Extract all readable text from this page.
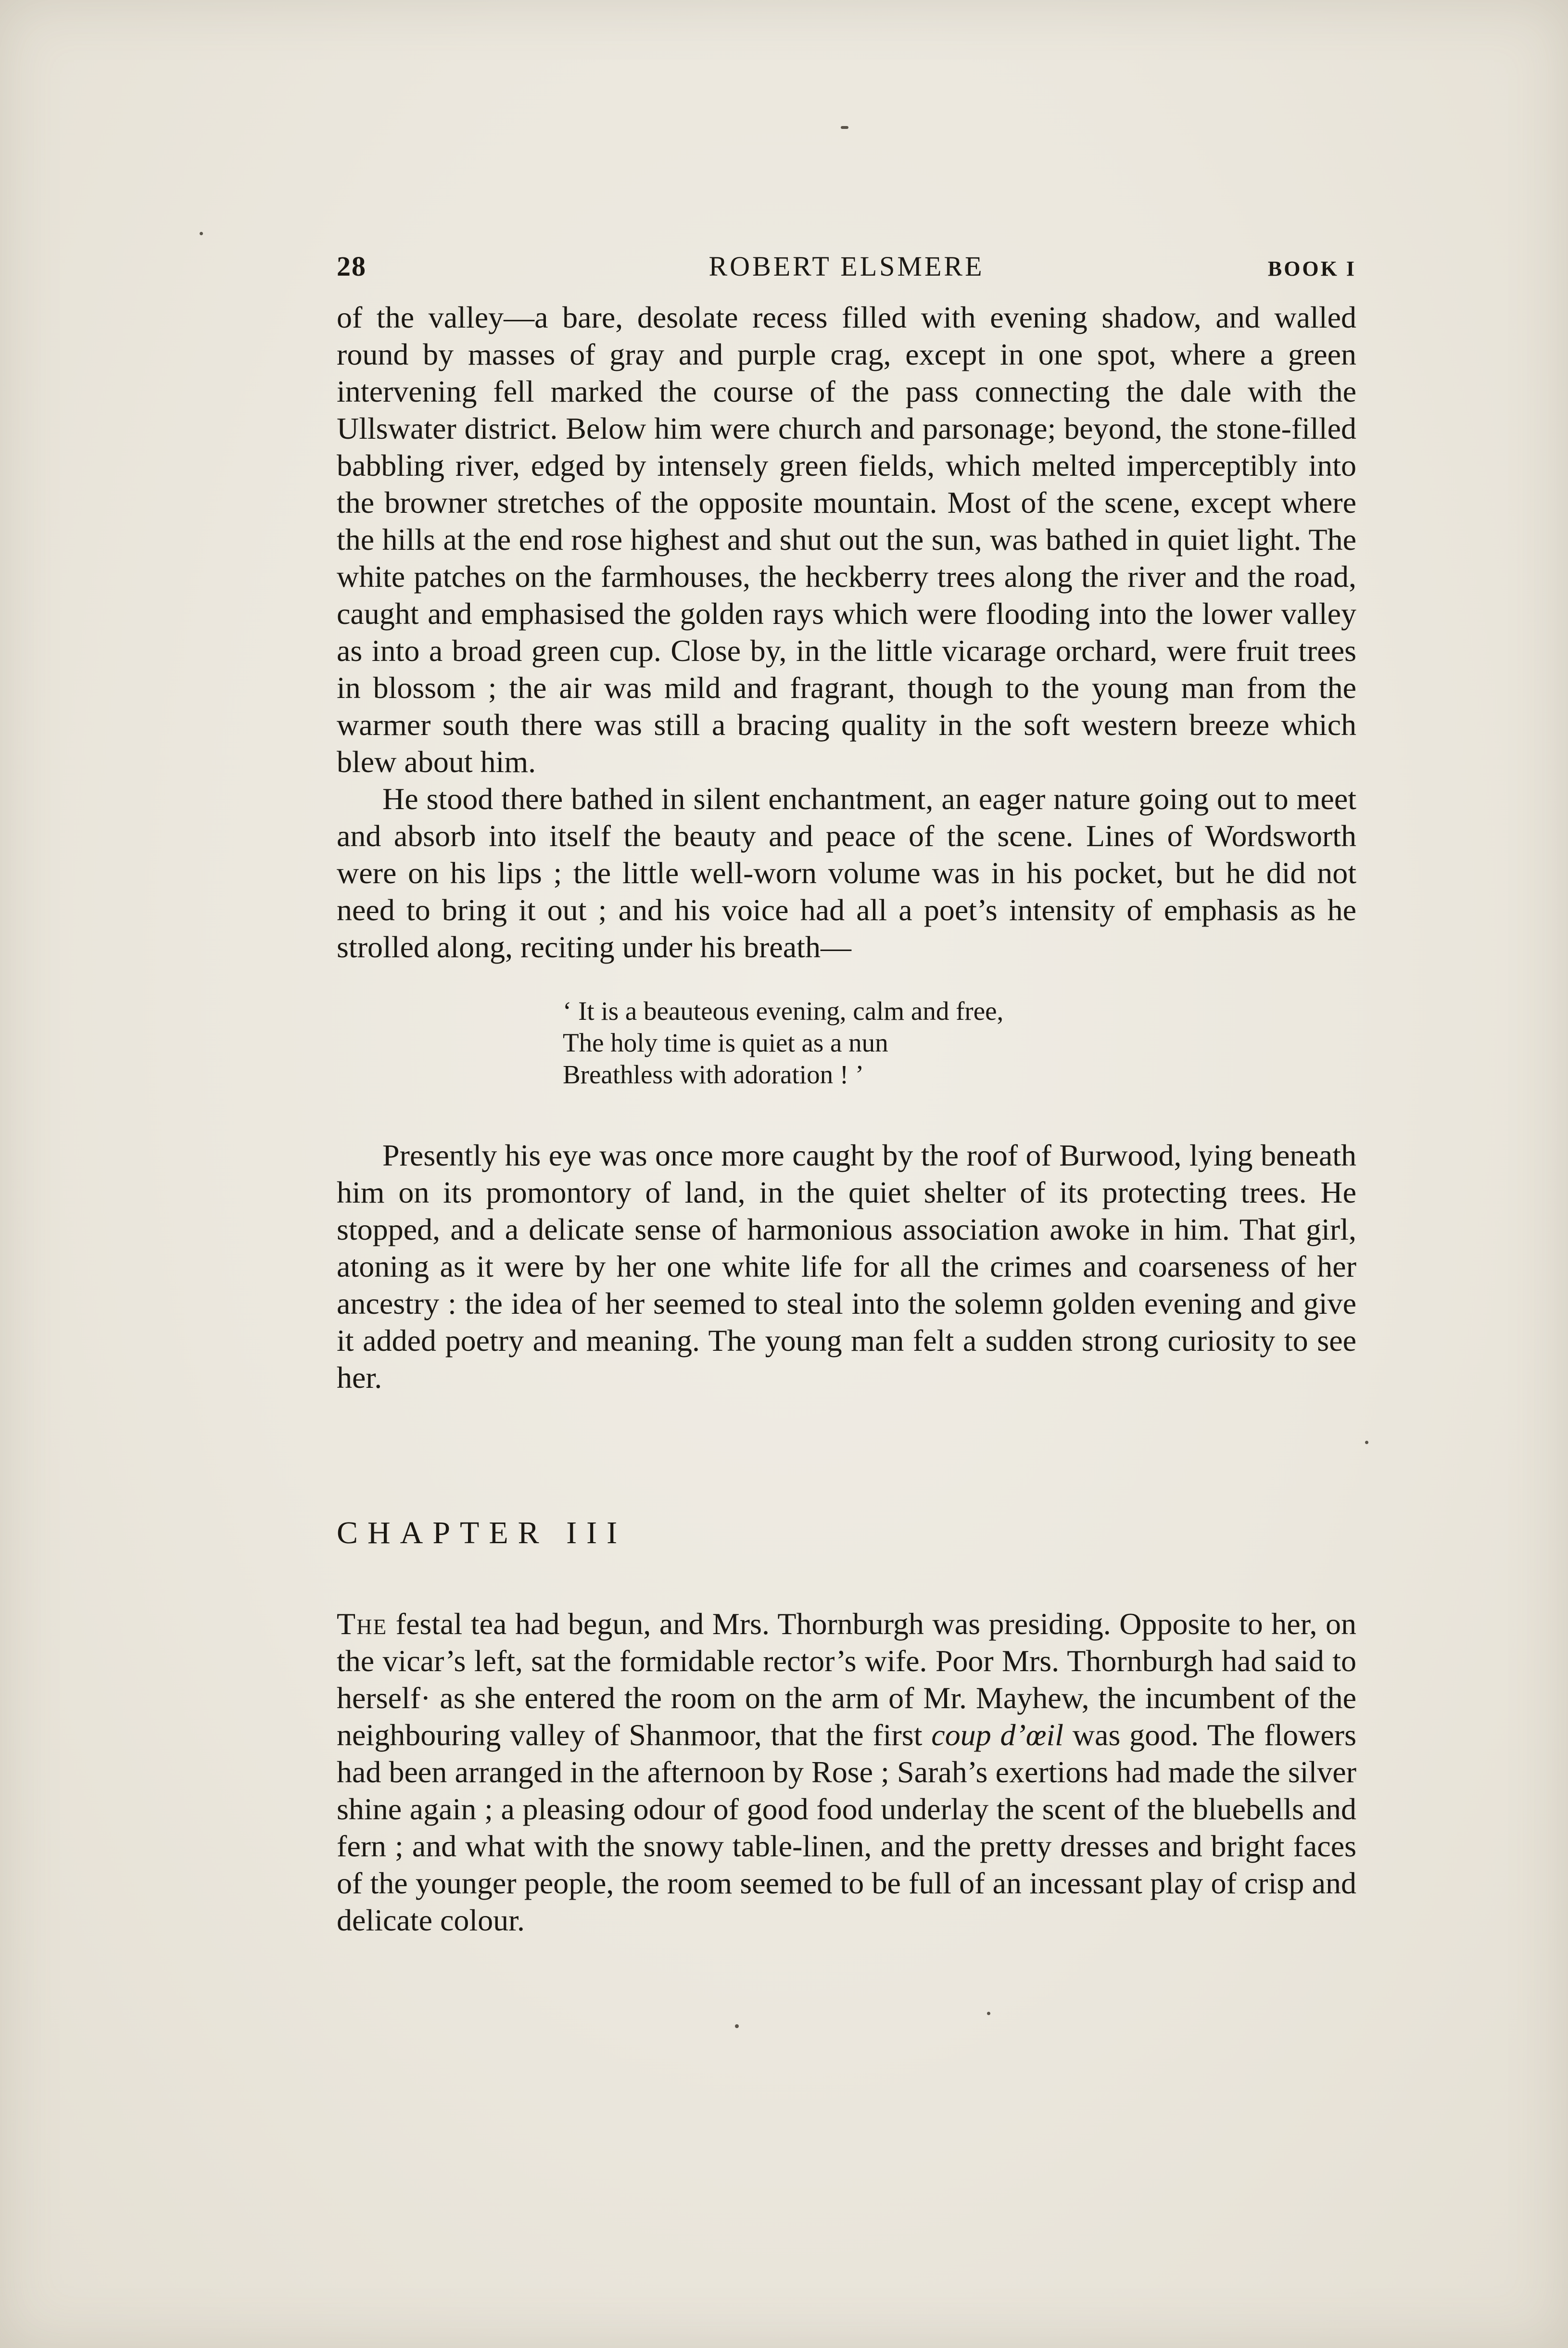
28	ROBERT ELSMERE	BOOK I

of the valley—a bare, desolate recess filled with evening shadow, and walled round by masses of gray and purple crag, except in one spot, where a green intervening fell marked the course of the pass connecting the dale with the Ullswater district. Below him were church and parsonage; beyond, the stone-filled babbling river, edged by intensely green fields, which melted imperceptibly into the browner stretches of the opposite mountain. Most of the scene, except where the hills at the end rose highest and shut out the sun, was bathed in quiet light. The white patches on the farmhouses, the heckberry trees along the river and the road, caught and emphasised the golden rays which were flooding into the lower valley as into a broad green cup. Close by, in the little vicarage orchard, were fruit trees in blossom ; the air was mild and fragrant, though to the young man from the warmer south there was still a bracing quality in the soft western breeze which blew about him.

He stood there bathed in silent enchantment, an eager nature going out to meet and absorb into itself the beauty and peace of the scene. Lines of Wordsworth were on his lips ; the little well-worn volume was in his pocket, but he did not need to bring it out ; and his voice had all a poet’s intensity of emphasis as he strolled along, reciting under his breath—

‘ It is a beauteous evening, calm and free,
The holy time is quiet as a nun
Breathless with adoration ! ’

Presently his eye was once more caught by the roof of Burwood, lying beneath him on its promontory of land, in the quiet shelter of its protecting trees. He stopped, and a delicate sense of harmonious association awoke in him. That girl, atoning as it were by her one white life for all the crimes and coarseness of her ancestry : the idea of her seemed to steal into the solemn golden evening and give it added poetry and meaning. The young man felt a sudden strong curiosity to see her.

CHAPTER III

The festal tea had begun, and Mrs. Thornburgh was presiding. Opposite to her, on the vicar’s left, sat the formidable rector’s wife. Poor Mrs. Thornburgh had said to herself· as she entered the room on the arm of Mr. Mayhew, the incumbent of the neighbouring valley of Shanmoor, that the first coup d’œil was good. The flowers had been arranged in the afternoon by Rose ; Sarah’s exertions had made the silver shine again ; a pleasing odour of good food underlay the scent of the bluebells and fern ; and what with the snowy table-linen, and the pretty dresses and bright faces of the younger people, the room seemed to be full of an incessant play of crisp and delicate colour.
